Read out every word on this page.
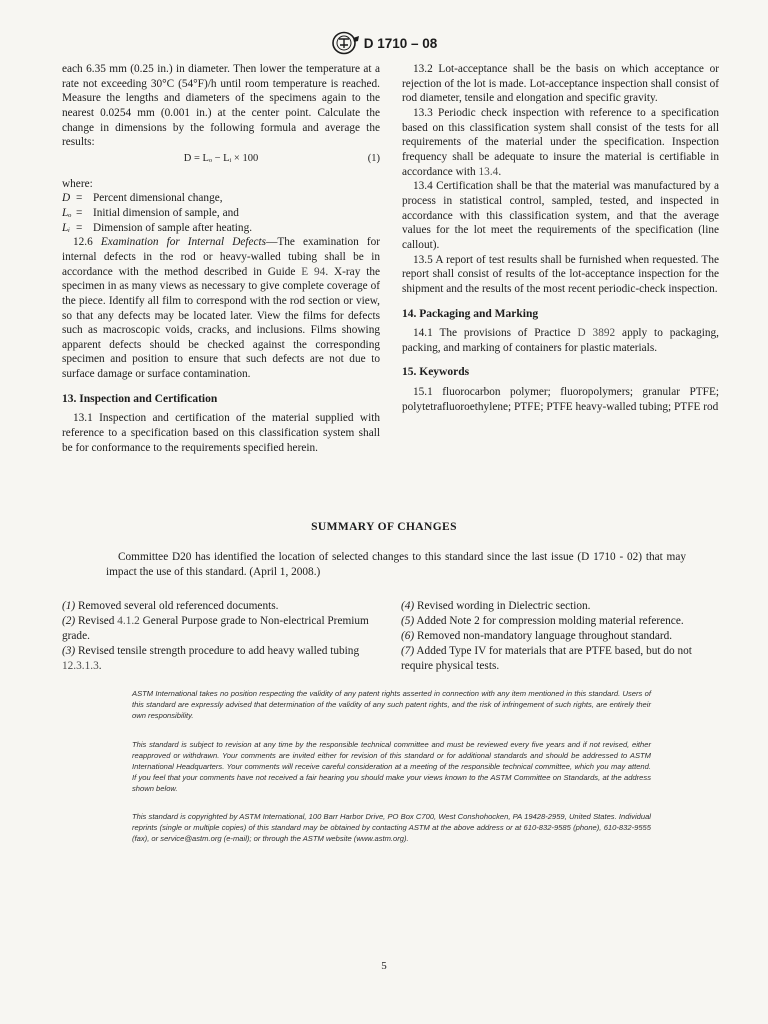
D 1710 – 08

each 6.35 mm (0.25 in.) in diameter. Then lower the temperature at a rate not exceeding 30°C (54°F)/h until room temperature is reached. Measure the lengths and diameters of the specimens again to the nearest 0.0254 mm (0.001 in.) at the center point. Calculate the change in dimensions by the following formula and average the results:

D = Lₒ − Lᵢ × 100	(1)

where:

D	=	Percent dimensional change,
Lₒ	=	Initial dimension of sample, and
Lᵢ	=	Dimension of sample after heating.

12.6 Examination for Internal Defects—The examination for internal defects in the rod or heavy-walled tubing shall be in accordance with the method described in Guide E 94. X-ray the specimen in as many views as necessary to give complete coverage of the piece. Identify all film to correspond with the rod section or view, so that any defects may be located later. View the films for defects such as macroscopic voids, cracks, and inclusions. Films showing apparent defects should be checked against the corresponding specimen and position to ensure that such defects are not due to surface damage or surface contamination.

13. Inspection and Certification

13.1 Inspection and certification of the material supplied with reference to a specification based on this classification system shall be for conformance to the requirements specified herein.

13.2 Lot-acceptance shall be the basis on which acceptance or rejection of the lot is made. Lot-acceptance inspection shall consist of rod diameter, tensile and elongation and specific gravity.

13.3 Periodic check inspection with reference to a specification based on this classification system shall consist of the tests for all requirements of the material under the specification. Inspection frequency shall be adequate to insure the material is certifiable in accordance with 13.4.

13.4 Certification shall be that the material was manufactured by a process in statistical control, sampled, tested, and inspected in accordance with this classification system, and that the average values for the lot meet the requirements of the specification (line callout).

13.5 A report of test results shall be furnished when requested. The report shall consist of results of the lot-acceptance inspection for the shipment and the results of the most recent periodic-check inspection.

14. Packaging and Marking

14.1 The provisions of Practice D 3892 apply to packaging, packing, and marking of containers for plastic materials.

15. Keywords

15.1 fluorocarbon polymer; fluoropolymers; granular PTFE; polytetrafluoroethylene; PTFE; PTFE heavy-walled tubing; PTFE rod

SUMMARY OF CHANGES

Committee D20 has identified the location of selected changes to this standard since the last issue (D 1710 - 02) that may impact the use of this standard. (April 1, 2008.)

(1) Removed several old referenced documents.

(2) Revised 4.1.2 General Purpose grade to Non-electrical Premium grade.

(3) Revised tensile strength procedure to add heavy walled tubing 12.3.1.3.

(4) Revised wording in Dielectric section.

(5) Added Note 2 for compression molding material reference.

(6) Removed non-mandatory language throughout standard.

(7) Added Type IV for materials that are PTFE based, but do not require physical tests.

ASTM International takes no position respecting the validity of any patent rights asserted in connection with any item mentioned in this standard. Users of this standard are expressly advised that determination of the validity of any such patent rights, and the risk of infringement of such rights, are entirely their own responsibility.

This standard is subject to revision at any time by the responsible technical committee and must be reviewed every five years and if not revised, either reapproved or withdrawn. Your comments are invited either for revision of this standard or for additional standards and should be addressed to ASTM International Headquarters. Your comments will receive careful consideration at a meeting of the responsible technical committee, which you may attend. If you feel that your comments have not received a fair hearing you should make your views known to the ASTM Committee on Standards, at the address shown below.

This standard is copyrighted by ASTM International, 100 Barr Harbor Drive, PO Box C700, West Conshohocken, PA 19428-2959, United States. Individual reprints (single or multiple copies) of this standard may be obtained by contacting ASTM at the above address or at 610-832-9585 (phone), 610-832-9555 (fax), or service@astm.org (e-mail); or through the ASTM website (www.astm.org).

5
